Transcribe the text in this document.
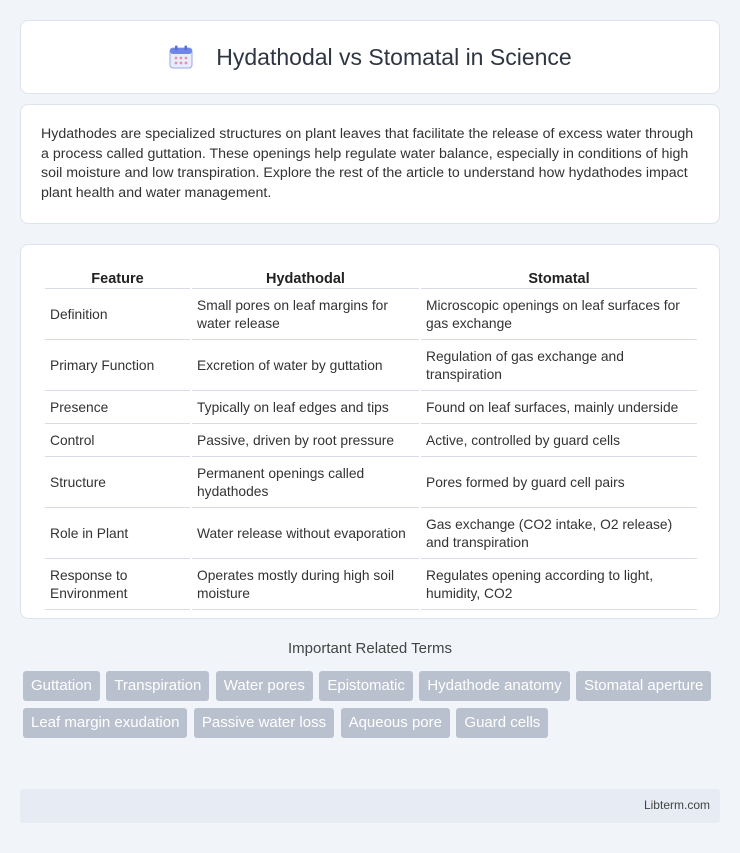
Hydathodal vs Stomatal in Science

Hydathodes are specialized structures on plant leaves that facilitate the release of excess water through a process called guttation. These openings help regulate water balance, especially in conditions of high soil moisture and low transpiration. Explore the rest of the article to understand how hydathodes impact plant health and water management.

Feature	Hydathodal	Stomatal
Definition	Small pores on leaf margins for water release	Microscopic openings on leaf surfaces for gas exchange
Primary Function	Excretion of water by guttation	Regulation of gas exchange and transpiration
Presence	Typically on leaf edges and tips	Found on leaf surfaces, mainly underside
Control	Passive, driven by root pressure	Active, controlled by guard cells
Structure	Permanent openings called hydathodes	Pores formed by guard cell pairs
Role in Plant	Water release without evaporation	Gas exchange (CO2 intake, O2 release) and transpiration
Response to Environment	Operates mostly during high soil moisture	Regulates opening according to light, humidity, CO2
Important Related Terms
Guttation Transpiration Water pores Epistomatic Hydathode anatomy Stomatal aperture Leaf margin exudation Passive water loss Aqueous pore Guard cells
Libterm.com
